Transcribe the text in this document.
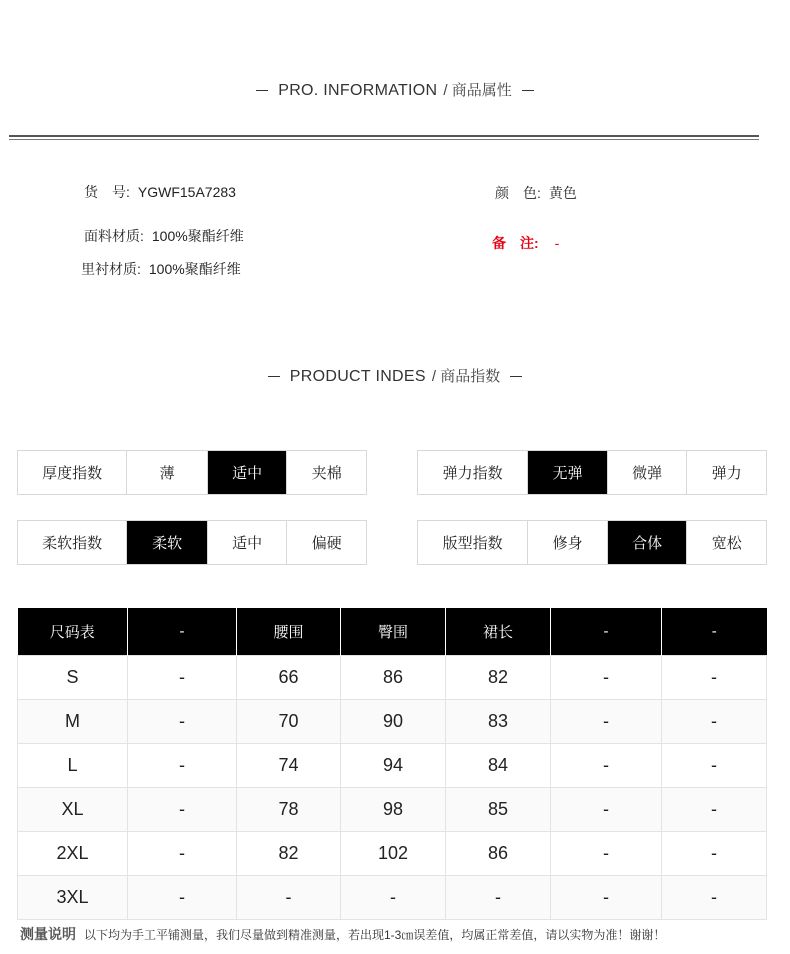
PRO. INFORMATION / 商品属性
货　号: YGWF15A7283
面料材质: 100%聚酯纤维
里衬材质: 100%聚酯纤维
颜　色: 黄色
备　注: -
PRODUCT INDES / 商品指数
厚度指数	薄	适中	夹棉	弹力指数	无弹	微弹	弹力
柔软指数	柔软	适中	偏硬	版型指数	修身	合体	宽松
尺码表	-	腰围	臀围	裙长	-	-
S	-	66	86	82	-	-
M	-	70	90	83	-	-
L	-	74	94	84	-	-
XL	-	78	98	85	-	-
2XL	-	82	102	86	-	-
3XL	-	-	-	-	-	-
测量说明 以下均为手工平铺测量，我们尽量做到精准测量，若出现1-3㎝误差值，均属正常差值，请以实物为准！谢谢！
